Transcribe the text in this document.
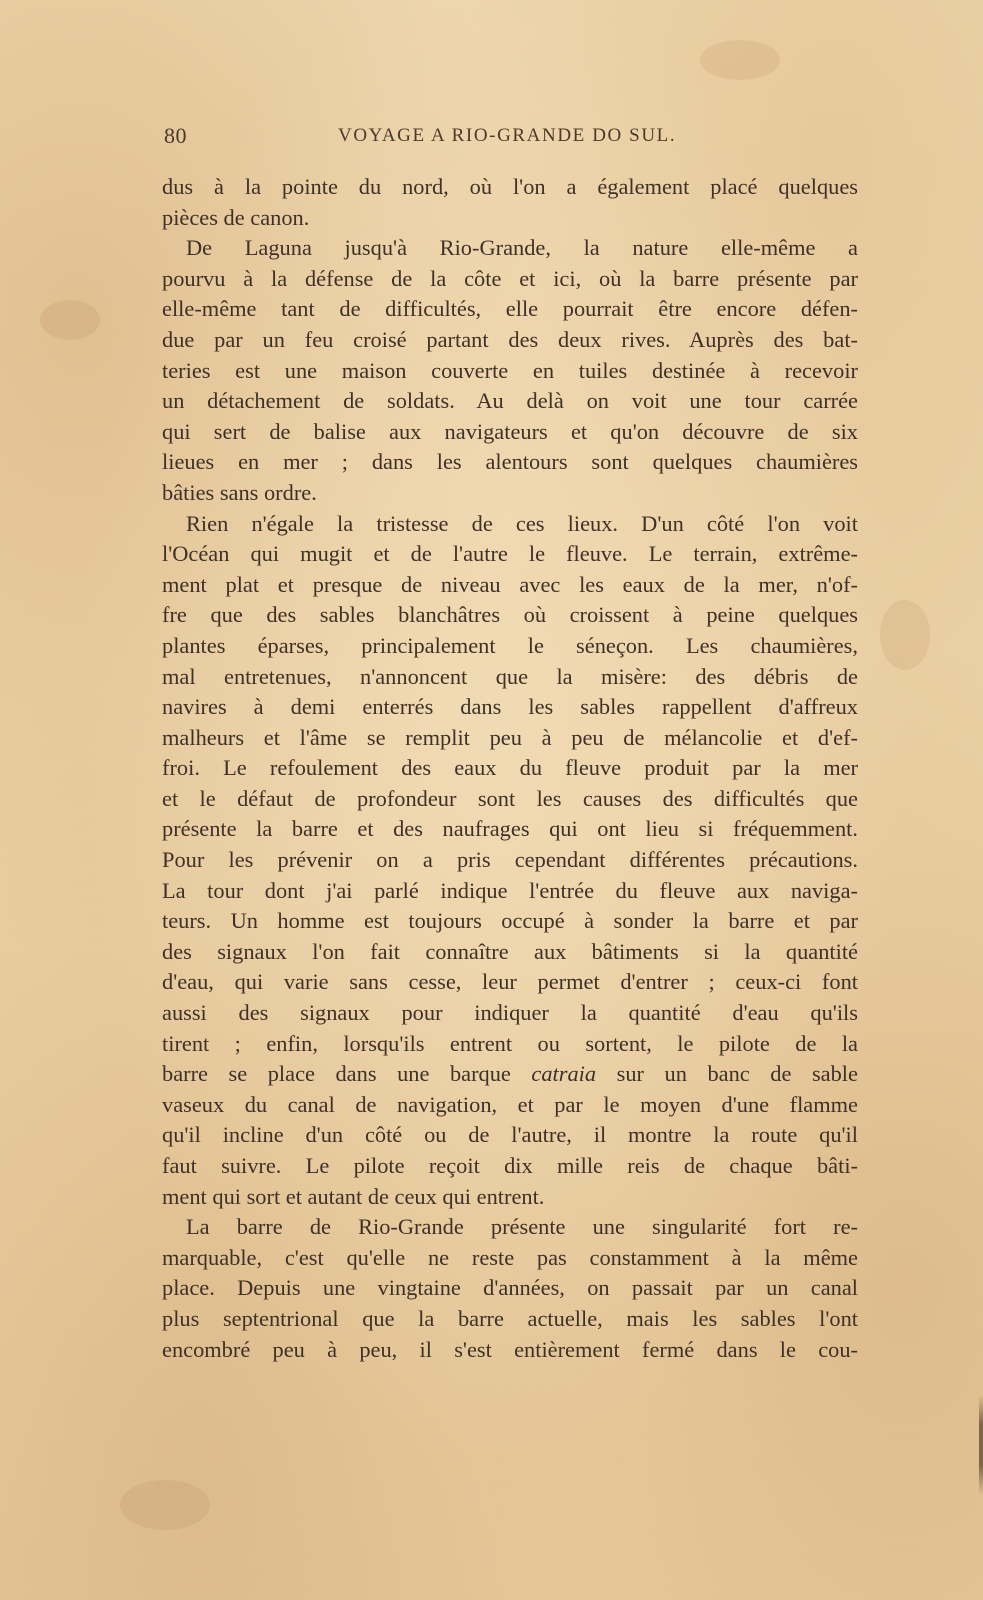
80	VOYAGE A RIO-GRANDE DO SUL.
dus à la pointe du nord, où l'on a également placé quelques
pièces de canon.
De Laguna jusqu'à Rio-Grande, la nature elle-même a
pourvu à la défense de la côte et ici, où la barre présente par
elle-même tant de difficultés, elle pourrait être encore défen-
due par un feu croisé partant des deux rives. Auprès des bat-
teries est une maison couverte en tuiles destinée à recevoir
un détachement de soldats. Au delà on voit une tour carrée
qui sert de balise aux navigateurs et qu'on découvre de six
lieues en mer ; dans les alentours sont quelques chaumières
bâties sans ordre.
Rien n'égale la tristesse de ces lieux. D'un côté l'on voit
l'Océan qui mugit et de l'autre le fleuve. Le terrain, extrême-
ment plat et presque de niveau avec les eaux de la mer, n'of-
fre que des sables blanchâtres où croissent à peine quelques
plantes éparses, principalement le séneçon. Les chaumières,
mal entretenues, n'annoncent que la misère: des débris de
navires à demi enterrés dans les sables rappellent d'affreux
malheurs et l'âme se remplit peu à peu de mélancolie et d'ef-
froi. Le refoulement des eaux du fleuve produit par la mer
et le défaut de profondeur sont les causes des difficultés que
présente la barre et des naufrages qui ont lieu si fréquemment.
Pour les prévenir on a pris cependant différentes précautions.
La tour dont j'ai parlé indique l'entrée du fleuve aux naviga-
teurs. Un homme est toujours occupé à sonder la barre et par
des signaux l'on fait connaître aux bâtiments si la quantité
d'eau, qui varie sans cesse, leur permet d'entrer ; ceux-ci font
aussi des signaux pour indiquer la quantité d'eau qu'ils
tirent ; enfin, lorsqu'ils entrent ou sortent, le pilote de la
barre se place dans une barque catraia sur un banc de sable
vaseux du canal de navigation, et par le moyen d'une flamme
qu'il incline d'un côté ou de l'autre, il montre la route qu'il
faut suivre. Le pilote reçoit dix mille reis de chaque bâti-
ment qui sort et autant de ceux qui entrent.
La barre de Rio-Grande présente une singularité fort re-
marquable, c'est qu'elle ne reste pas constamment à la même
place. Depuis une vingtaine d'années, on passait par un canal
plus septentrional que la barre actuelle, mais les sables l'ont
encombré peu à peu, il s'est entièrement fermé dans le cou-
